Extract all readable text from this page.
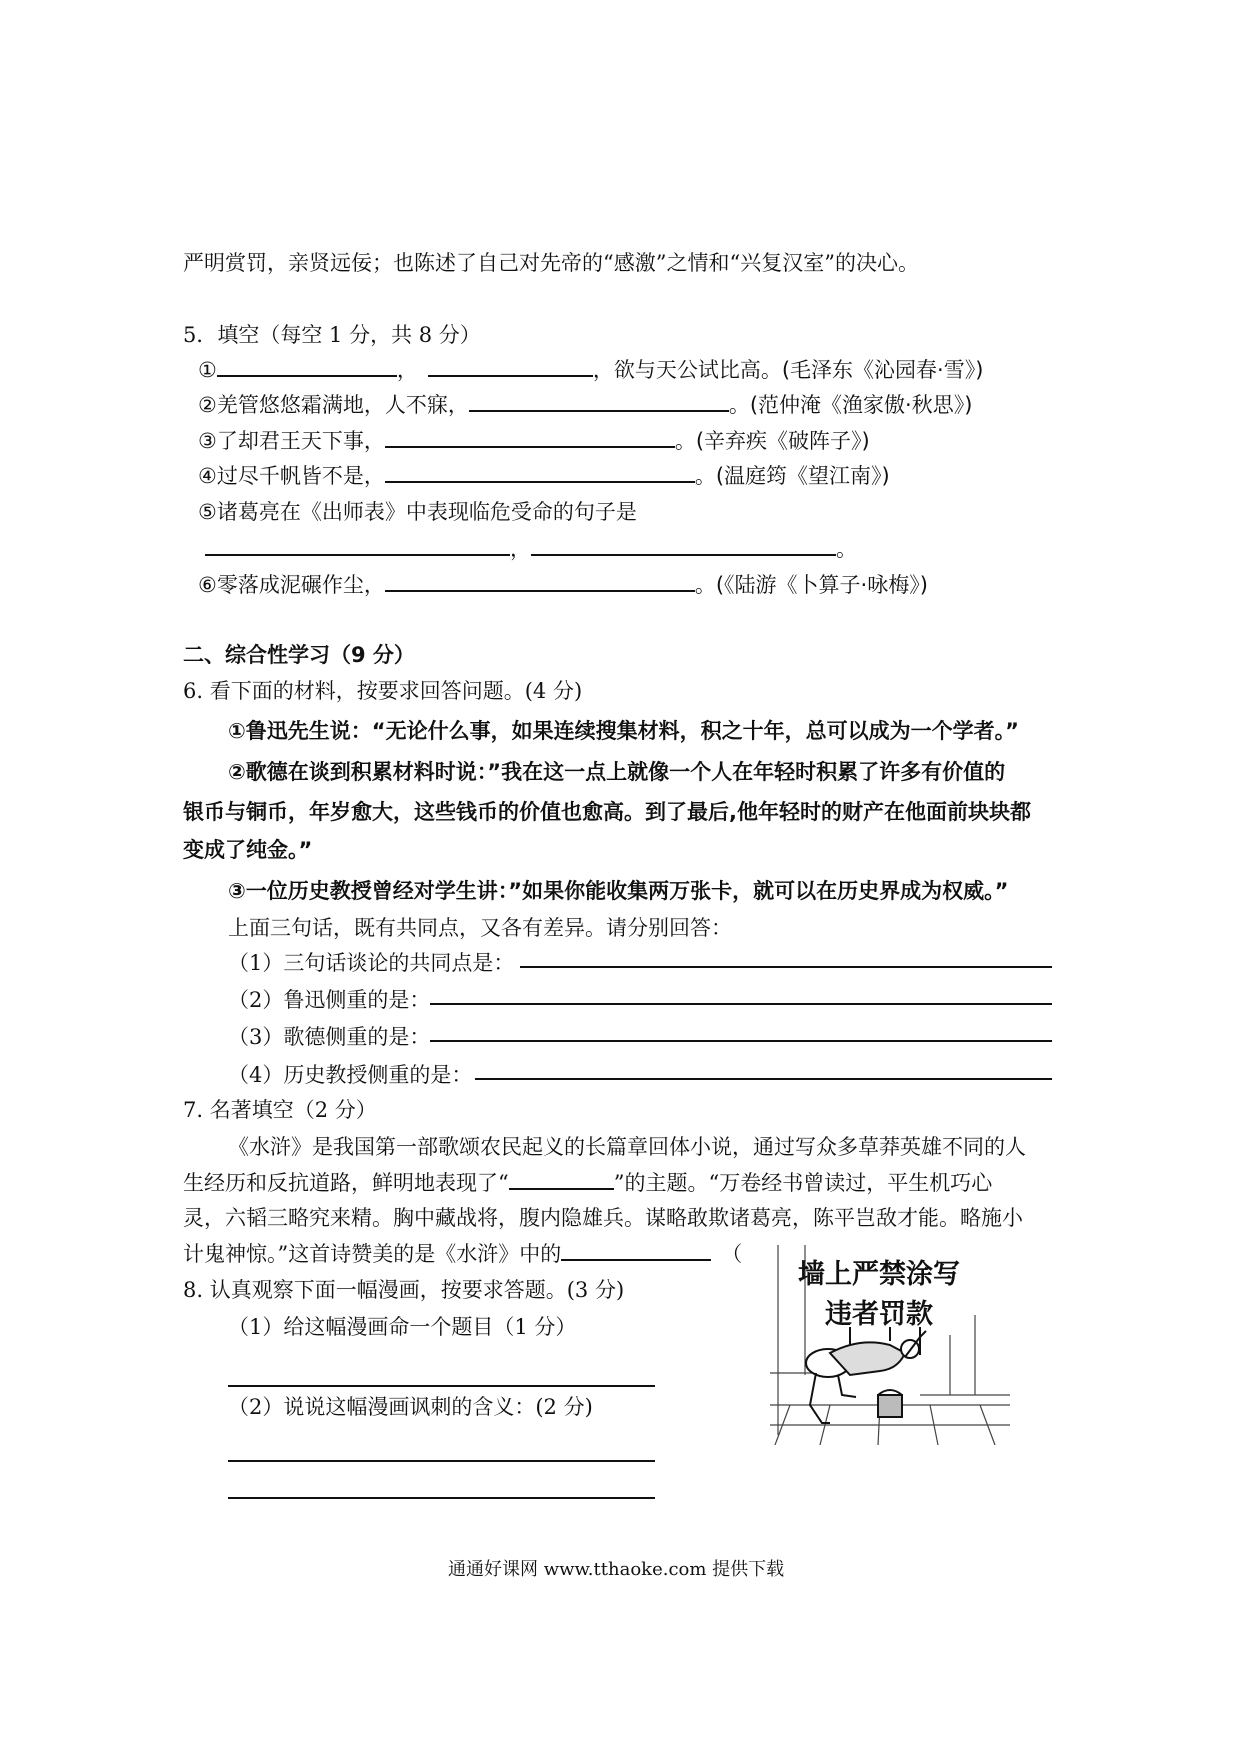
严明赏罚，亲贤远佞；也陈述了自己对先帝的“感激”之情和“兴复汉室”的决心。
5．填空（每空 1 分，共 8 分）
①	，	，欲与天公试比高。(毛泽东《沁园春·雪》)
②羌管悠悠霜满地，人不寐，	。(范仲淹《渔家傲·秋思》)
③了却君王天下事，	。(辛弃疾《破阵子》)
④过尽千帆皆不是，	。(温庭筠《望江南》)
⑤诸葛亮在《出师表》中表现临危受命的句子是
，	。
⑥零落成泥碾作尘，	。(《陆游《卜算子·咏梅》)
二、综合性学习（9 分）
6. 看下面的材料，按要求回答问题。(4 分)
①鲁迅先生说：“无论什么事，如果连续搜集材料，积之十年，总可以成为一个学者。”
②歌德在谈到积累材料时说：”我在这一点上就像一个人在年轻时积累了许多有价值的
银币与铜币，年岁愈大，这些钱币的价值也愈高。到了最后,他年轻时的财产在他面前块块都
变成了纯金。”
③一位历史教授曾经对学生讲：”如果你能收集两万张卡，就可以在历史界成为权威。”
上面三句话，既有共同点，又各有差异。请分别回答：
（1）三句话谈论的共同点是：
（2）鲁迅侧重的是：
（3）歌德侧重的是：
（4）历史教授侧重的是：
7. 名著填空（2 分）
《水浒》是我国第一部歌颂农民起义的长篇章回体小说，通过写众多草莽英雄不同的人
生经历和反抗道路，鲜明地表现了“	”的主题。“万卷经书曾读过，平生机巧心
灵，六韬三略究来精。胸中藏战将，腹内隐雄兵。谋略敢欺诸葛亮，陈平岂敌才能。略施小
计鬼神惊。”这首诗赞美的是《水浒》中的	（
8. 认真观察下面一幅漫画，按要求答题。(3 分)
（1）给这幅漫画命一个题目（1 分）
（2）说说这幅漫画讽刺的含义：(2 分)
墙上严禁涂写
违者罚款
通通好课网 www.tthaoke.com 提供下载
